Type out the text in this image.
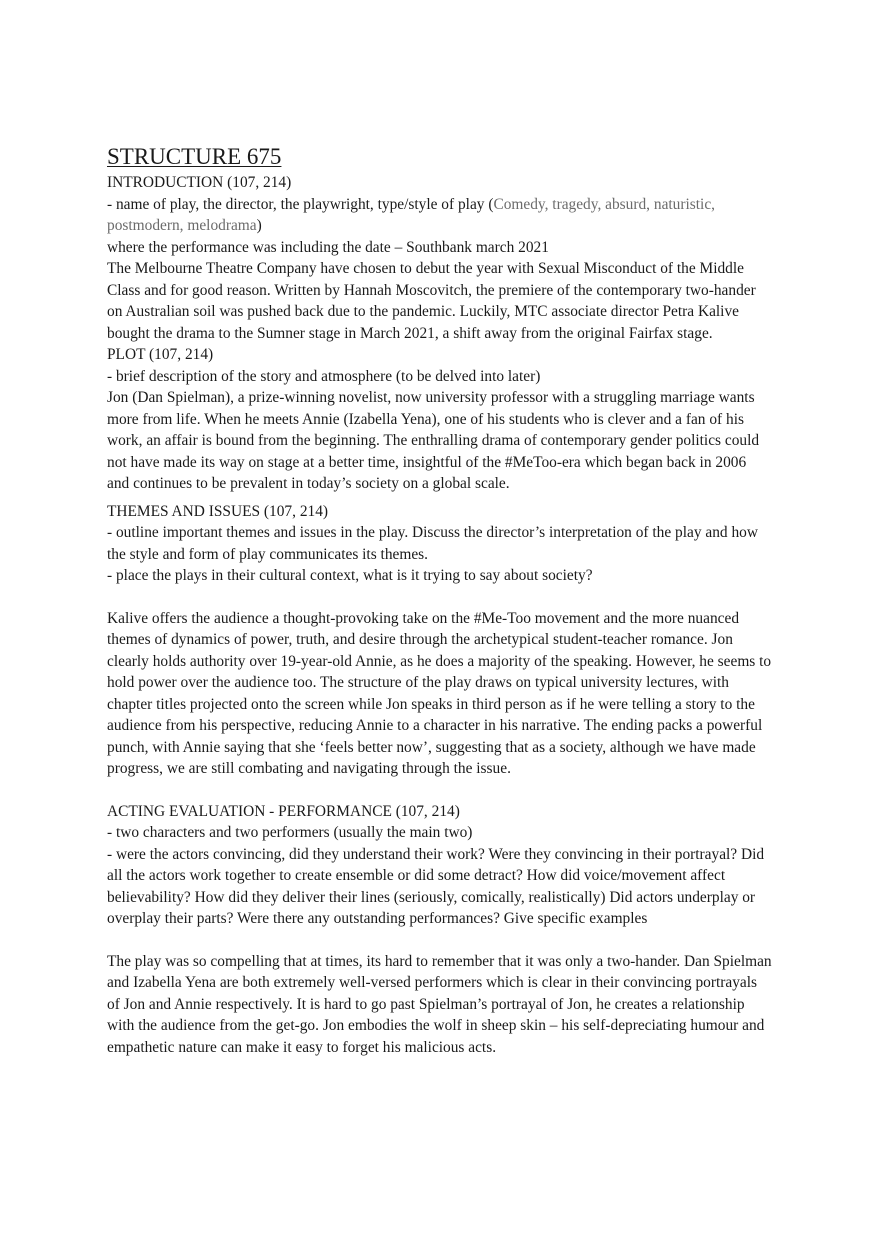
STRUCTURE 675

INTRODUCTION (107, 214)

- name of play, the director, the playwright, type/style of play (Comedy, tragedy, absurd, naturistic, postmodern, melodrama)

where the performance was including the date – Southbank march 2021

The Melbourne Theatre Company have chosen to debut the year with Sexual Misconduct of the Middle Class and for good reason. Written by Hannah Moscovitch, the premiere of the contemporary two-hander on Australian soil was pushed back due to the pandemic. Luckily, MTC associate director Petra Kalive bought the drama to the Sumner stage in March 2021, a shift away from the original Fairfax stage.

PLOT (107, 214)

- brief description of the story and atmosphere (to be delved into later)

Jon (Dan Spielman), a prize-winning novelist, now university professor with a struggling marriage wants more from life. When he meets Annie (Izabella Yena), one of his students who is clever and a fan of his work, an affair is bound from the beginning. The enthralling drama of contemporary gender politics could not have made its way on stage at a better time, insightful of the #MeToo-era which began back in 2006 and continues to be prevalent in today’s society on a global scale.

THEMES AND ISSUES (107, 214)

- outline important themes and issues in the play. Discuss the director’s interpretation of the play and how the style and form of play communicates its themes.

- place the plays in their cultural context, what is it trying to say about society?

Kalive offers the audience a thought-provoking take on the #Me-Too movement and the more nuanced themes of dynamics of power, truth, and desire through the archetypical student-teacher romance. Jon clearly holds authority over 19-year-old Annie, as he does a majority of the speaking. However, he seems to hold power over the audience too. The structure of the play draws on typical university lectures, with chapter titles projected onto the screen while Jon speaks in third person as if he were telling a story to the audience from his perspective, reducing Annie to a character in his narrative. The ending packs a powerful punch, with Annie saying that she ‘feels better now’, suggesting that as a society, although we have made progress, we are still combating and navigating through the issue.

ACTING EVALUATION - PERFORMANCE (107, 214)

- two characters and two performers (usually the main two)

- were the actors convincing, did they understand their work? Were they convincing in their portrayal? Did all the actors work together to create ensemble or did some detract? How did voice/movement affect believability? How did they deliver their lines (seriously, comically, realistically) Did actors underplay or overplay their parts? Were there any outstanding performances? Give specific examples

The play was so compelling that at times, its hard to remember that it was only a two-hander. Dan Spielman and Izabella Yena are both extremely well-versed performers which is clear in their convincing portrayals of Jon and Annie respectively. It is hard to go past Spielman’s portrayal of Jon, he creates a relationship with the audience from the get-go. Jon embodies the wolf in sheep skin – his self-depreciating humour and empathetic nature can make it easy to forget his malicious acts.
